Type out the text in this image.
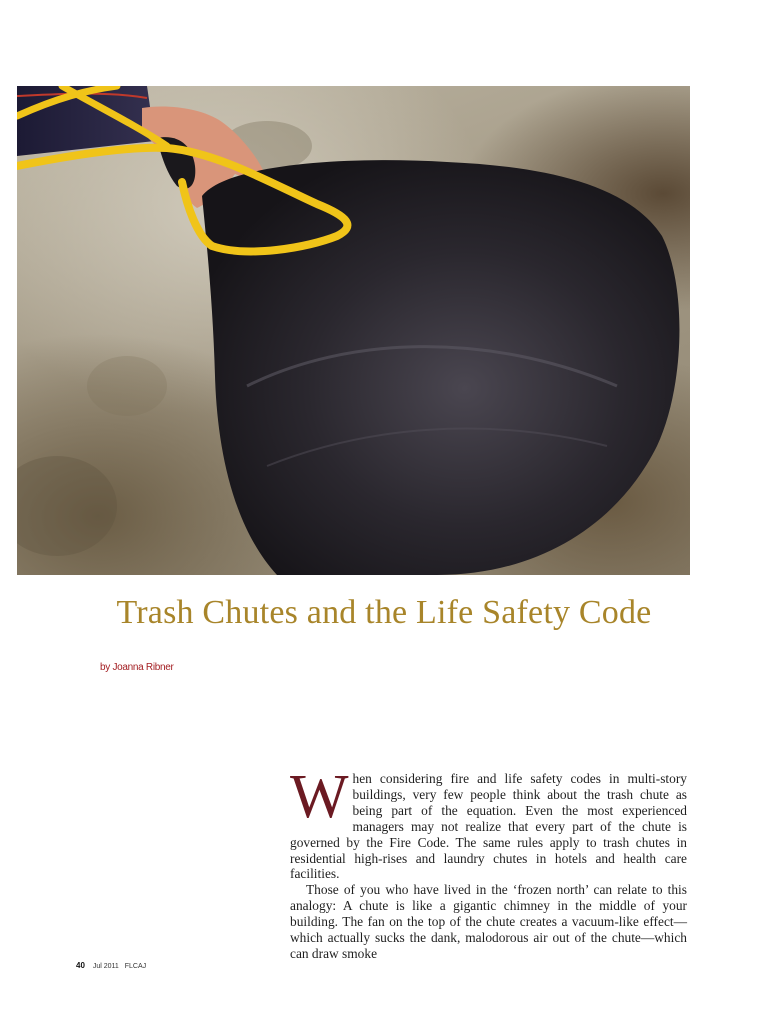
Trash Chutes and the Life Safety Code
by Joanna Ribner

When considering fire and life safety codes in multi-story buildings, very few people think about the trash chute as being part of the equation. Even the most experienced managers may not realize that every part of the chute is governed by the Fire Code. The same rules apply to trash chutes in residential high-rises and laundry chutes in hotels and health care facilities.

Those of you who have lived in the ‘frozen north’ can relate to this analogy: A chute is like a gigantic chimney in the middle of your building. The fan on the top of the chute creates a vacuum-like effect—which actually sucks the dank, malodorous air out of the chute—which can draw smoke

40 Jul 2011 FLCAJ
